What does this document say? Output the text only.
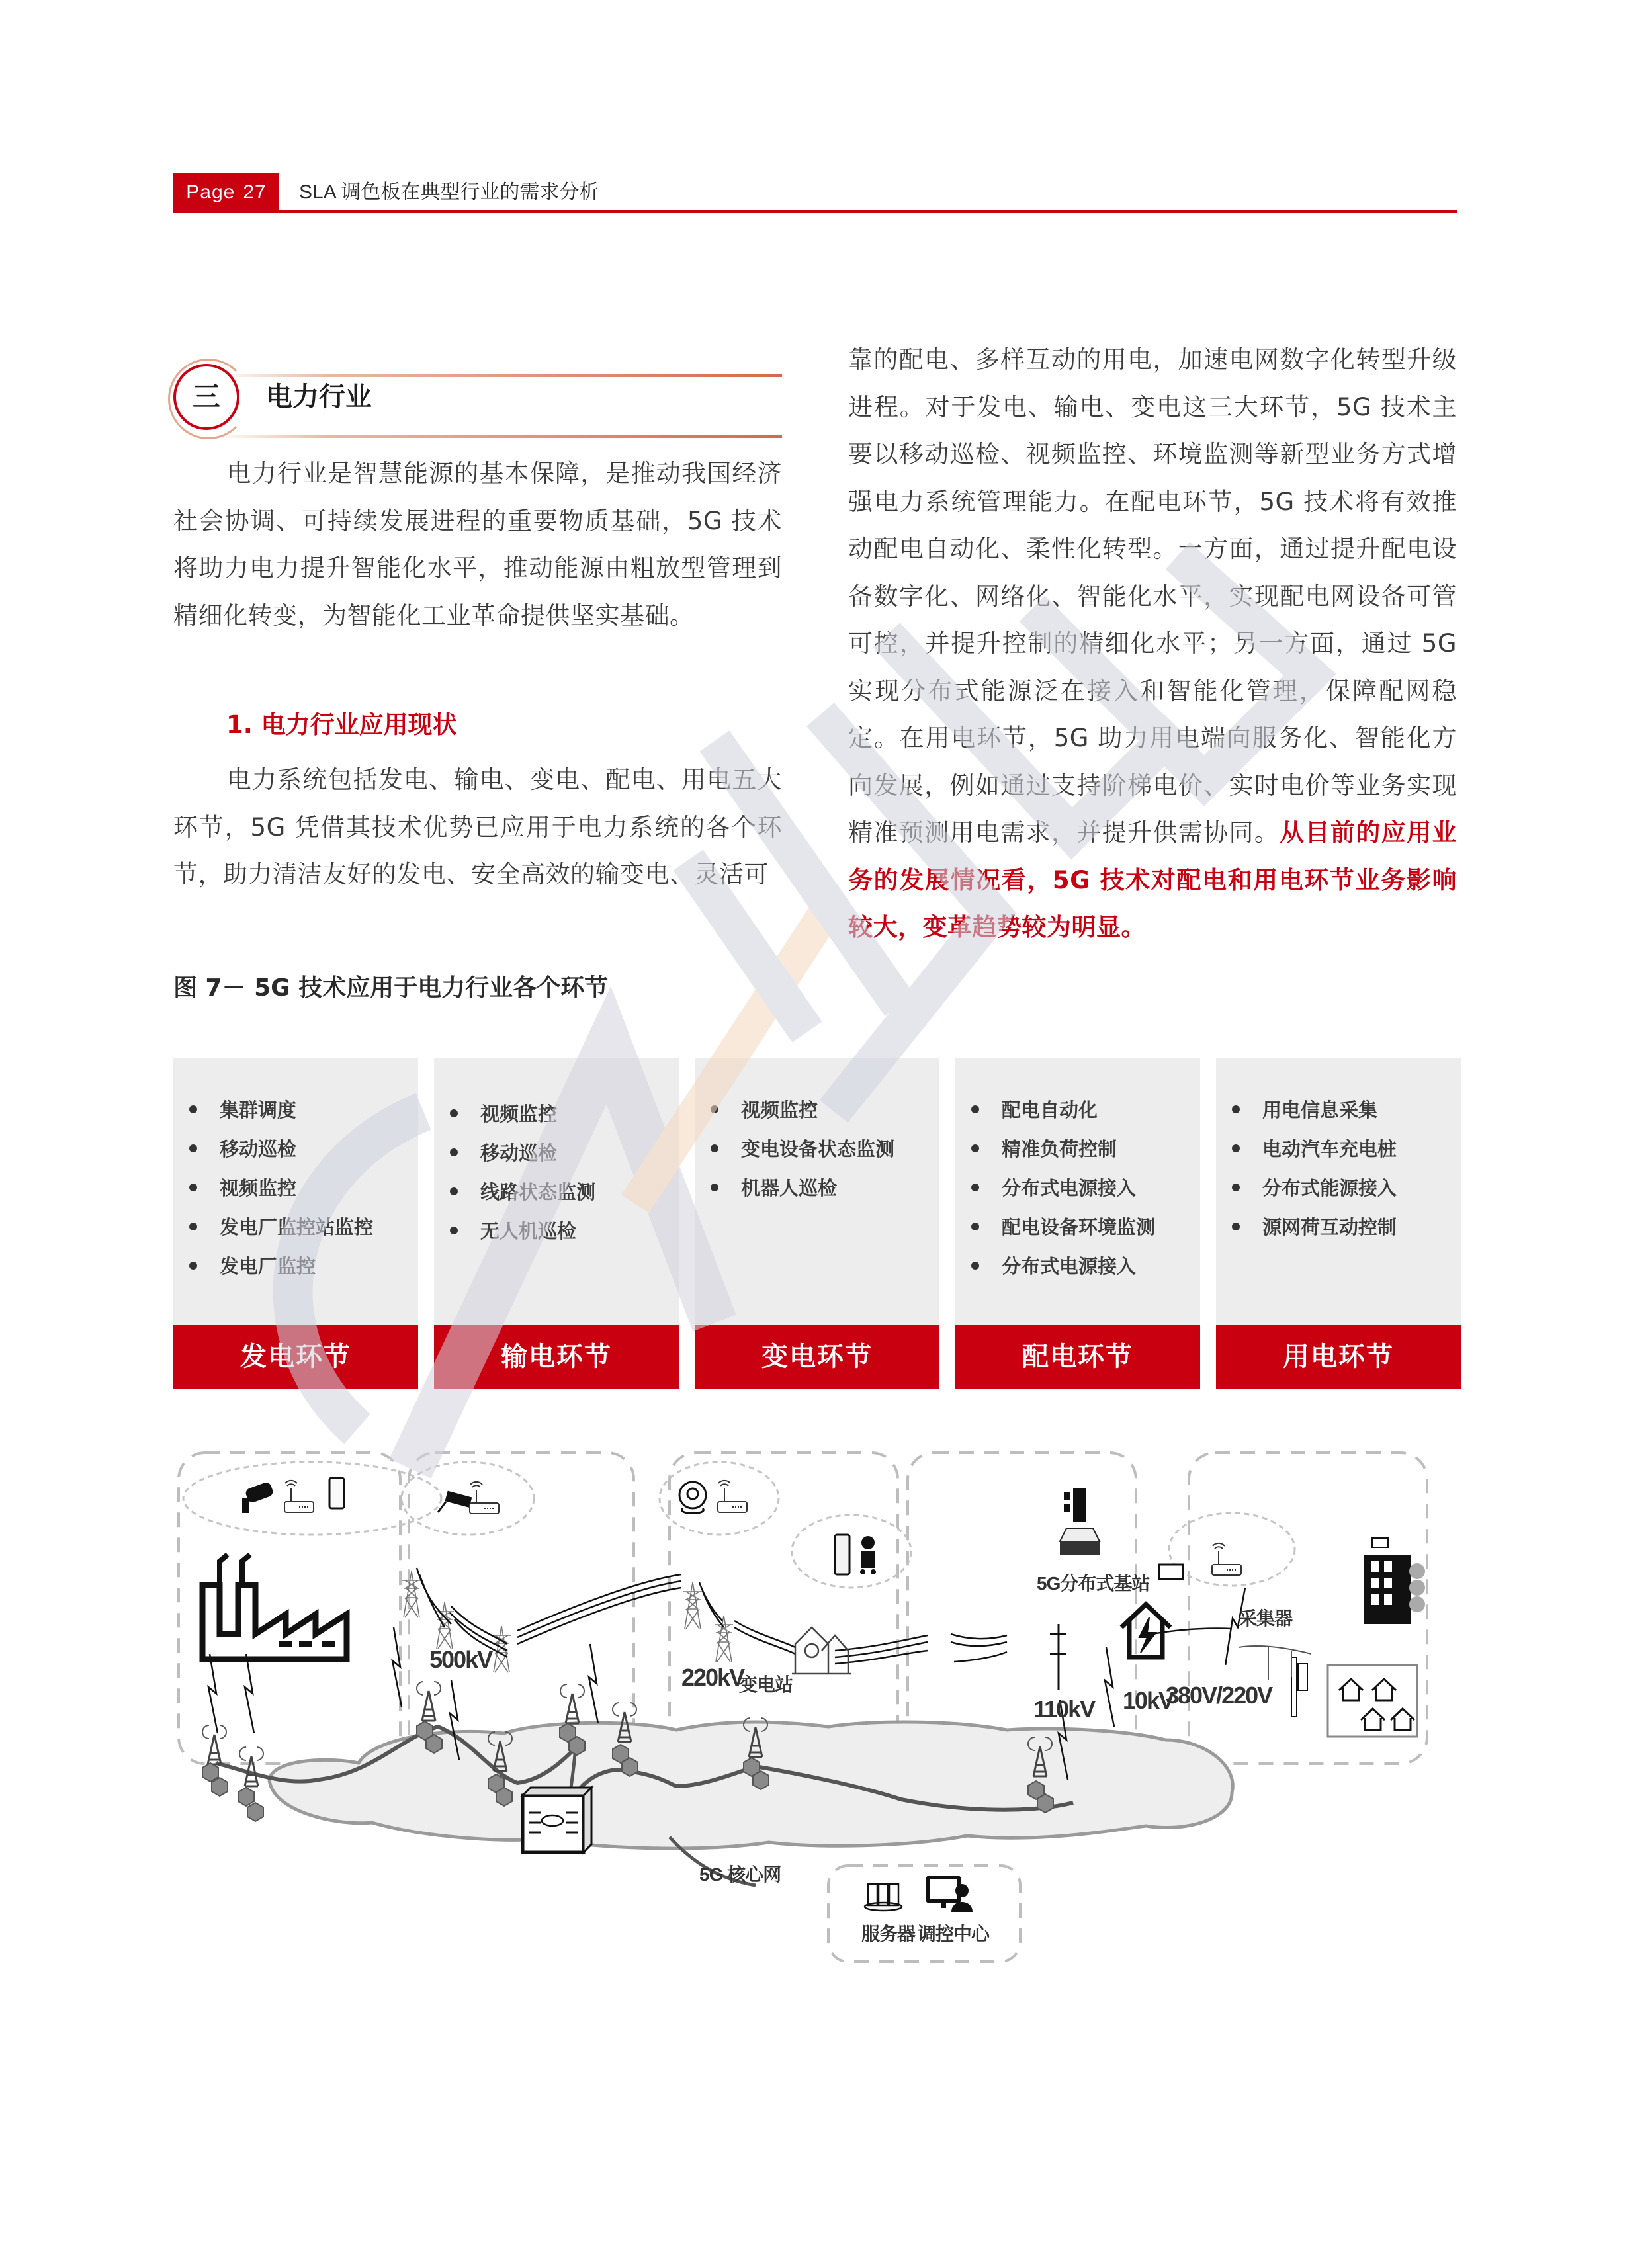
Page 27	SLA 调色板在典型行业的需求分析
三	电力行业

电力行业是智慧能源的基本保障，是推动我国经济社会协调、可持续发展进程的重要物质基础，5G 技术将助力电力提升智能化水平，推动能源由粗放型管理到精细化转变，为智能化工业革命提供坚实基础。

1. 电力行业应用现状

电力系统包括发电、输电、变电、配电、用电五大环节，5G 凭借其技术优势已应用于电力系统的各个环节，助力清洁友好的发电、安全高效的输变电、灵活可

靠的配电、多样互动的用电，加速电网数字化转型升级进程。对于发电、输电、变电这三大环节，5G 技术主要以移动巡检、视频监控、环境监测等新型业务方式增强电力系统管理能力。在配电环节，5G 技术将有效推动配电自动化、柔性化转型。一方面，通过提升配电设备数字化、网络化、智能化水平，实现配电网设备可管可控，并提升控制的精细化水平；另一方面，通过 5G 实现分布式能源泛在接入和智能化管理，保障配网稳定。在用电环节，5G 助力用电端向服务化、智能化方向发展，例如通过支持阶梯电价、实时电价等业务实现精准预测用电需求，并提升供需协同。从目前的应用业务的发展情况看，5G 技术对配电和用电环节业务影响较大，变革趋势较为明显。

图 7－ 5G 技术应用于电力行业各个环节
集群调度
移动巡检
视频监控
发电厂监控站监控
发电厂监控
发电环节
视频监控
移动巡检
线路状态监测
无人机巡检
输电环节
视频监控
变电设备状态监测
机器人巡检
变电环节
配电自动化
精准负荷控制
分布式电源接入
配电设备环境监测
分布式电源接入
配电环节
用电信息采集
电动汽车充电桩
分布式能源接入
源网荷互动控制
用电环节
500kV
220kV
变电站
5G分布式基站
110kV 10kV
380V/220V
采集器
5G 核心网
服务器 调控中心
